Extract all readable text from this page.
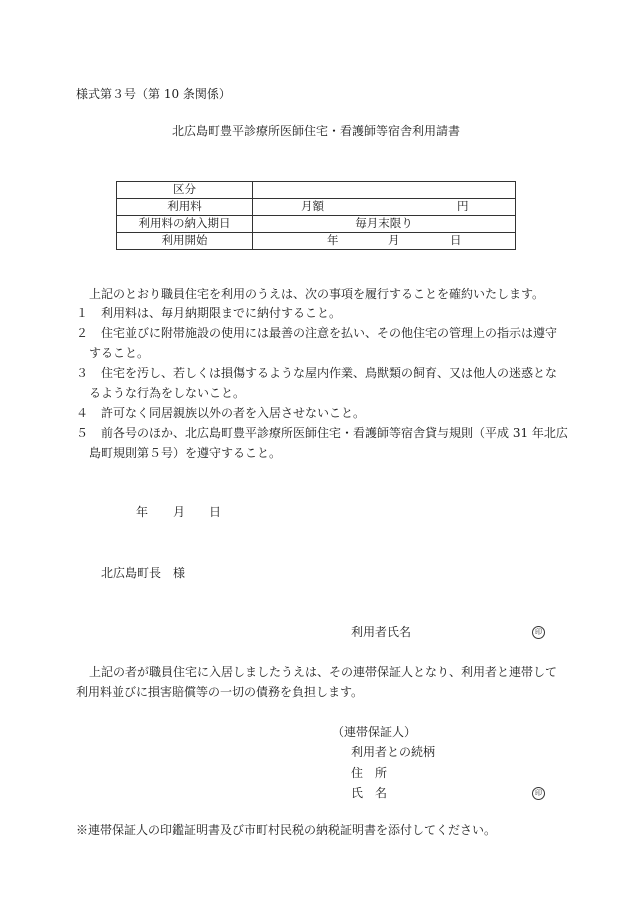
様式第３号（第 10 条関係）
北広島町豊平診療所医師住宅・看護師等宿舎利用請書
区分	
利用料	月額 円

利用料の納入期日	毎月末限り
利用開始	年 月 日
上記のとおり職員住宅を利用のうえは、次の事項を履行することを確約いたします。
１ 利用料は、毎月納期限までに納付すること。
２ 住宅並びに附帯施設の使用には最善の注意を払い、その他住宅の管理上の指示は遵守
すること。
３ 住宅を汚し、若しくは損傷するような屋内作業、鳥獣類の飼育、又は他人の迷惑とな
るような行為をしないこと。
４ 許可なく同居親族以外の者を入居させないこと。
５ 前各号のほか、北広島町豊平診療所医師住宅・看護師等宿舎貸与規則（平成 31 年北広
島町規則第５号）を遵守すること。
年 月 日
北広島町長　様
利用者氏名	印
上記の者が職員住宅に入居しましたうえは、その連帯保証人となり、利用者と連帯して
利用料並びに損害賠償等の一切の債務を負担します。
（連帯保証人）
利用者との続柄
住　所
氏　名	印
※連帯保証人の印鑑証明書及び市町村民税の納税証明書を添付してください。
